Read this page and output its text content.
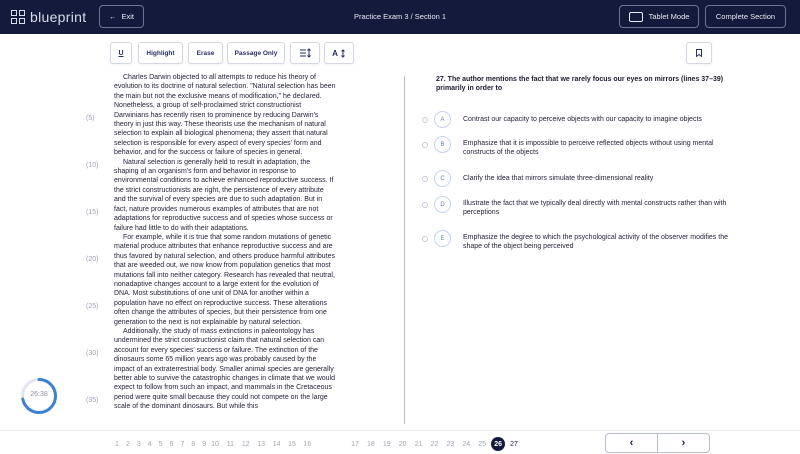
blueprint	← Exit	Practice Exam 3 / Section 1	Tablet Mode	Complete Section
U	Highlight	Erase	Passage Only	A
(5)
(10)
(15)
(20)
(25)
(30)
(35)

Charles Darwin objected to all attempts to reduce his theory of evolution to its doctrine of natural selection. "Natural selection has been the main but not the exclusive means of modification," he declared. Nonetheless, a group of self-proclaimed strict constructionist Darwinians has recently risen to prominence by reducing Darwin's theory in just this way. These theorists use the mechanism of natural selection to explain all biological phenomena; they assert that natural selection is responsible for every aspect of every species' form and behavior, and for the success or failure of species in general.

Natural selection is generally held to result in adaptation, the shaping of an organism's form and behavior in response to environmental conditions to achieve enhanced reproductive success. If the strict constructionists are right, the persistence of every attribute and the survival of every species are due to such adaptation. But in fact, nature provides numerous examples of attributes that are not adaptations for reproductive success and of species whose success or failure had little to do with their adaptations.

For example, while it is true that some random mutations of genetic material produce attributes that enhance reproductive success and are thus favored by natural selection, and others produce harmful attributes that are weeded out, we now know from population genetics that most mutations fall into neither category. Research has revealed that neutral, nonadaptive changes account to a large extent for the evolution of DNA. Most substitutions of one unit of DNA for another within a population have no effect on reproductive success. These alterations often change the attributes of species, but their persistence from one generation to the next is not explainable by natural selection.

Additionally, the study of mass extinctions in paleontology has undermined the strict constructionist claim that natural selection can account for every species' success or failure. The extinction of the dinosaurs some 65 million years ago was probably caused by the impact of an extraterrestrial body. Smaller animal species are generally better able to survive the catastrophic changes in climate that we would expect to follow from such an impact, and mammals in the Cretaceous period were quite small because they could not compete on the large scale of the dominant dinosaurs. But while this

27. The author mentions the fact that we rarely focus our eyes on mirrors (lines 37–39) primarily in order to
A	Contrast our capacity to perceive objects with our capacity to imagine objects
B	Emphasize that it is impossible to perceive reflected objects without using mental constructs of the objects
C	Clarify the idea that mirrors simulate three-dimensional reality
D	Illustrate the fact that we typically deal directly with mental constructs rather than with perceptions
E	Emphasize the degree to which the psychological activity of the observer modifies the shape of the object being perceived
26:38
1 2	3 4	5	6 7	8 9 10	11	12	13	14	15	16	17	18	19	20	21	22	23	24	25	26	27	‹	›
